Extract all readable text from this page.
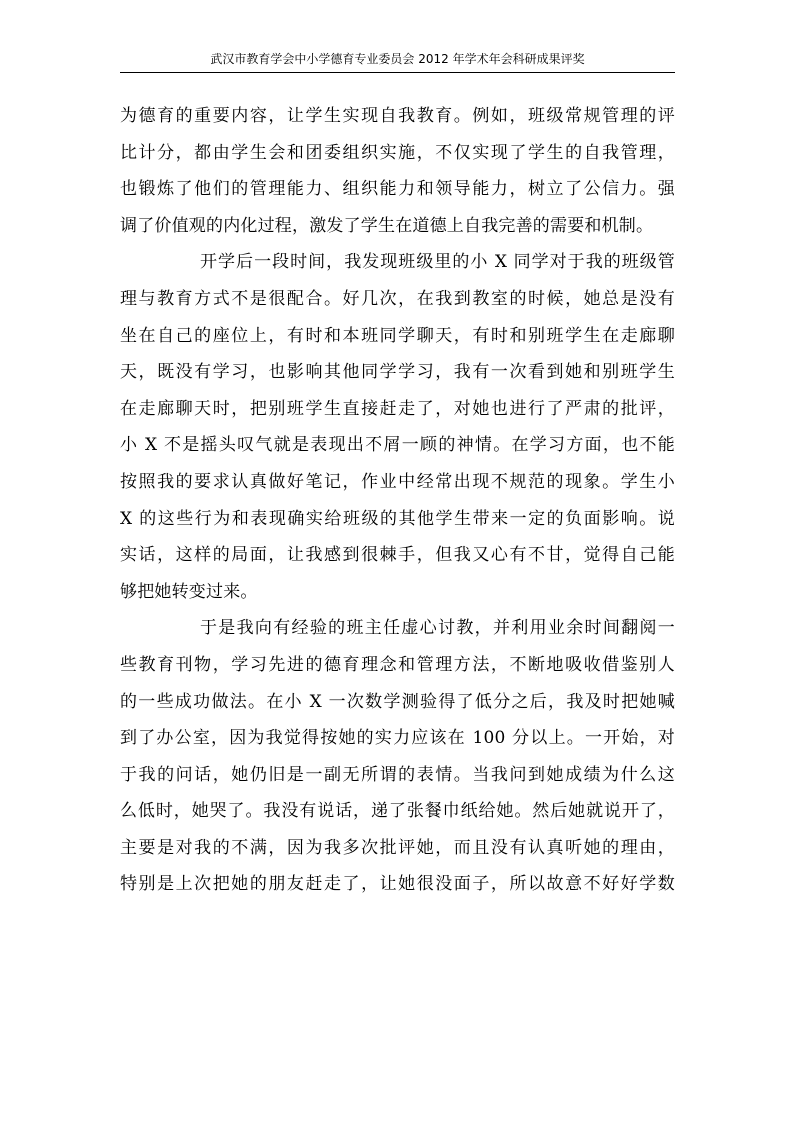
武汉市教育学会中小学德育专业委员会 2012 年学术年会科研成果评奖
为德育的重要内容，让学生实现自我教育。例如，班级常规管理的评
比计分，都由学生会和团委组织实施，不仅实现了学生的自我管理，
也锻炼了他们的管理能力、组织能力和领导能力，树立了公信力。强
调了价值观的内化过程，激发了学生在道德上自我完善的需要和机制。
开学后一段时间，我发现班级里的小 X 同学对于我的班级管
理与教育方式不是很配合。好几次，在我到教室的时候，她总是没有
坐在自己的座位上，有时和本班同学聊天，有时和别班学生在走廊聊
天，既没有学习，也影响其他同学学习，我有一次看到她和别班学生
在走廊聊天时，把别班学生直接赶走了，对她也进行了严肃的批评，
小 X 不是摇头叹气就是表现出不屑一顾的神情。在学习方面，也不能
按照我的要求认真做好笔记，作业中经常出现不规范的现象。学生小
X 的这些行为和表现确实给班级的其他学生带来一定的负面影响。说
实话，这样的局面，让我感到很棘手，但我又心有不甘，觉得自己能
够把她转变过来。
于是我向有经验的班主任虚心讨教，并利用业余时间翻阅一
些教育刊物，学习先进的德育理念和管理方法，不断地吸收借鉴别人
的一些成功做法。在小 X 一次数学测验得了低分之后，我及时把她喊
到了办公室，因为我觉得按她的实力应该在 100 分以上。一开始，对
于我的问话，她仍旧是一副无所谓的表情。当我问到她成绩为什么这
么低时，她哭了。我没有说话，递了张餐巾纸给她。然后她就说开了，
主要是对我的不满，因为我多次批评她，而且没有认真听她的理由，
特别是上次把她的朋友赶走了，让她很没面子，所以故意不好好学数
